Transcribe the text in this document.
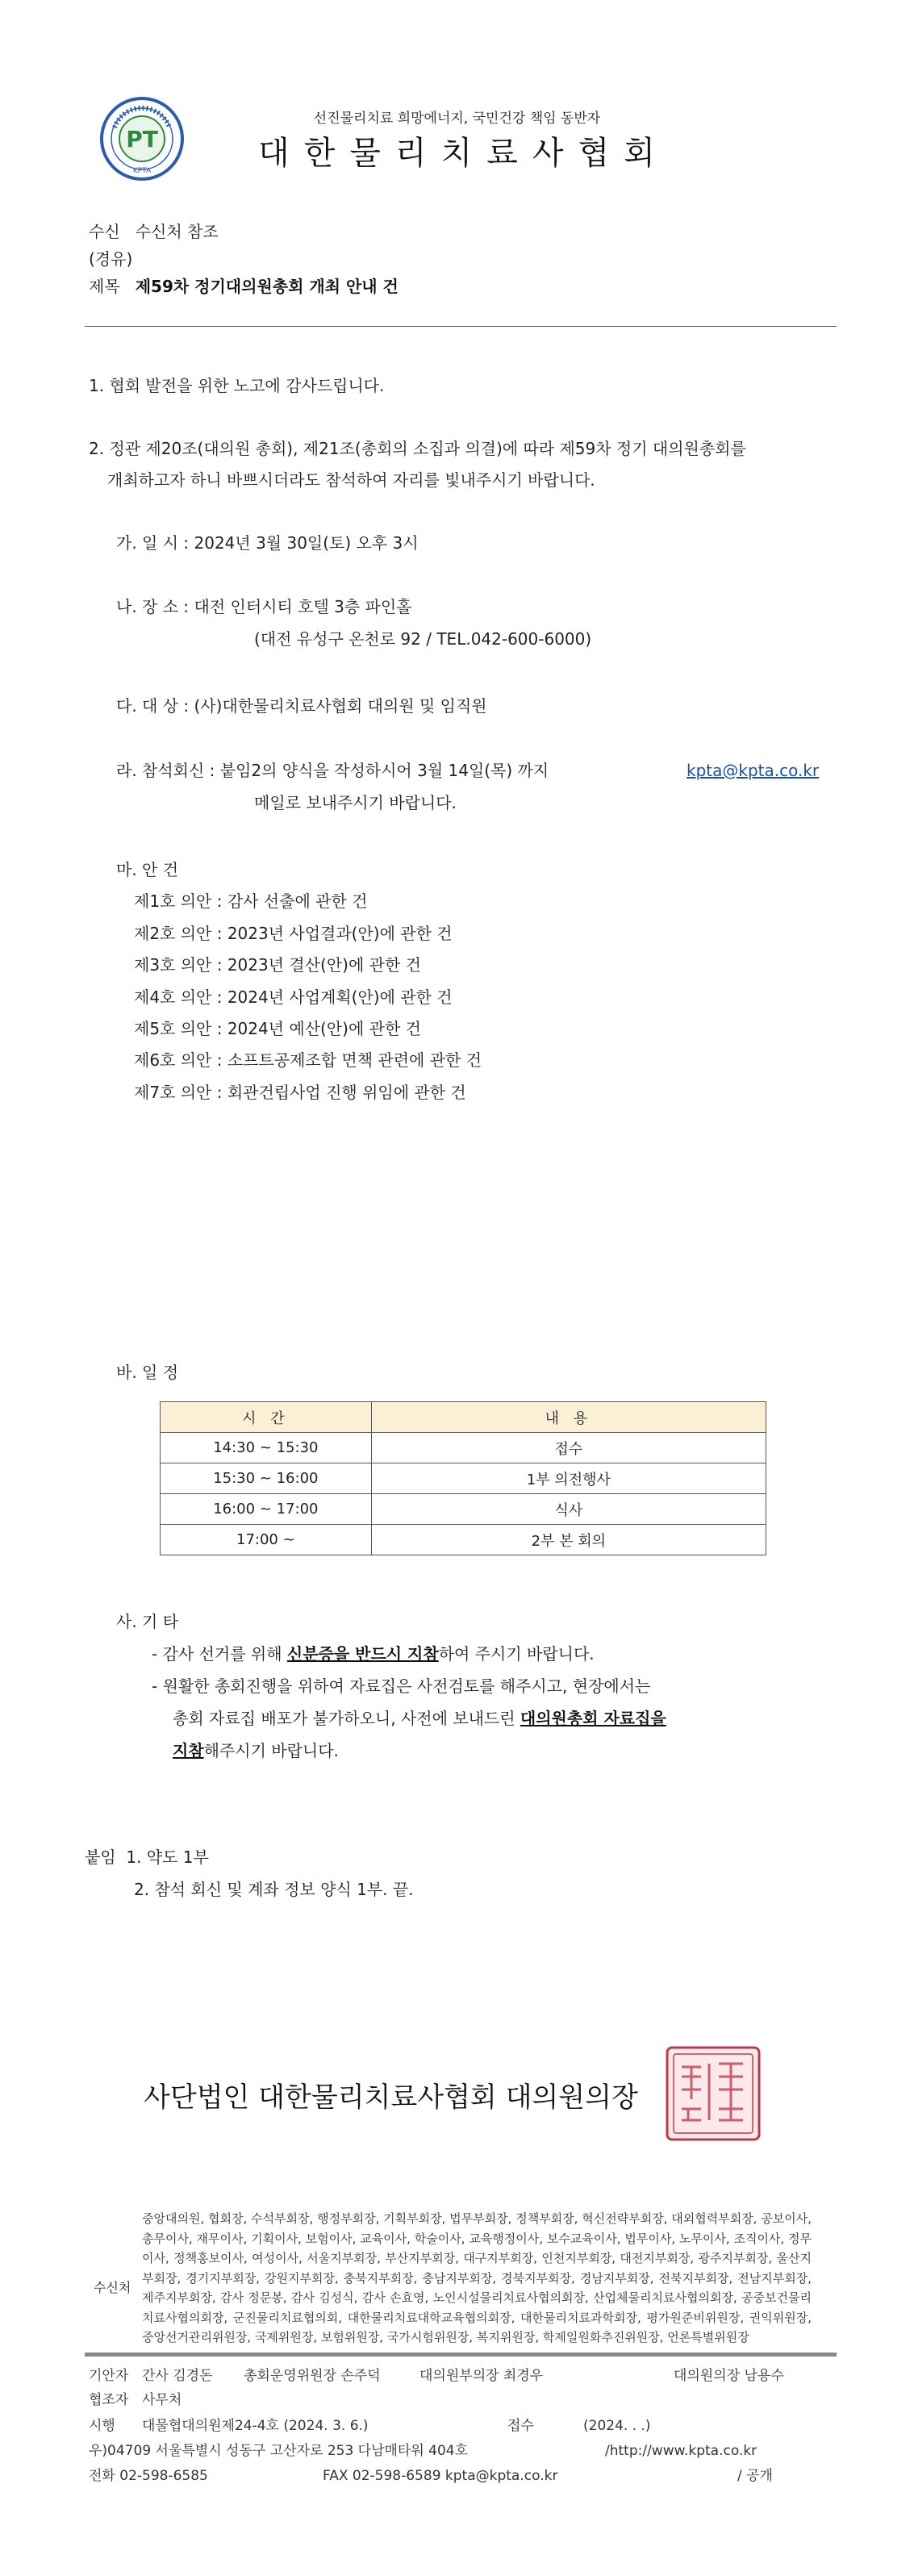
PT
KPTA
선진물리치료 희망에너지, 국민건강 책임 동반자
대한물리치료사협회
수신 수신처 참조
(경유)
제목 제59차 정기대의원총회 개최 안내 건
1. 협회 발전을 위한 노고에 감사드립니다.
2. 정관 제20조(대의원 총회), 제21조(총회의 소집과 의결)에 따라 제59차 정기 대의원총회를
개최하고자 하니 바쁘시더라도 참석하여 자리를 빛내주시기 바랍니다.
가. 일 시 : 2024년 3월 30일(토) 오후 3시
나. 장 소 : 대전 인터시티 호텔 3층 파인홀
(대전 유성구 온천로 92 / TEL.042-600-6000)
다. 대 상 : (사)대한물리치료사협회 대의원 및 임직원
라. 참석회신 : 붙임2의 양식을 작성하시어 3월 14일(목) 까지	kpta@kpta.co.kr
메일로 보내주시기 바랍니다.
마. 안 건
제1호 의안 : 감사 선출에 관한 건
제2호 의안 : 2023년 사업결과(안)에 관한 건
제3호 의안 : 2023년 결산(안)에 관한 건
제4호 의안 : 2024년 사업계획(안)에 관한 건
제5호 의안 : 2024년 예산(안)에 관한 건
제6호 의안 : 소프트공제조합 면책 관련에 관한 건
제7호 의안 : 회관건립사업 진행 위임에 관한 건
바. 일 정
시 간	내 용
14:30 ~ 15:30	접수
15:30 ~ 16:00	1부 의전행사
16:00 ~ 17:00	식사
17:00 ~	2부 본 회의
사. 기 타
- 감사 선거를 위해 신분증을 반드시 지참하여 주시기 바랍니다.
- 원활한 총회진행을 위하여 자료집은 사전검토를 해주시고, 현장에서는
총회 자료집 배포가 불가하오니, 사전에 보내드린 대의원총회 자료집을
지참해주시기 바랍니다.
붙임 1. 약도 1부
2. 참석 회신 및 계좌 정보 양식 1부. 끝.
사단법인 대한물리치료사협회 대의원의장
수신처
중앙대의원, 협회장, 수석부회장, 행정부회장, 기획부회장, 법무부회장, 정책부회장, 혁신전략부회장, 대외협력부회장, 공보이사, 총무이사, 재무이사, 기획이사, 보험이사, 교육이사, 학술이사, 교육행정이사, 보수교육이사, 법무이사, 노무이사, 조직이사, 정무이사, 정책홍보이사, 여성이사, 서울지부회장, 부산지부회장, 대구지부회장, 인천지부회장, 대전지부회장, 광주지부회장, 울산지부회장, 경기지부회장, 강원지부회장, 충북지부회장, 충남지부회장, 경북지부회장, 경남지부회장, 전북지부회장, 전남지부회장, 제주지부회장, 감사 정문봉, 감사 김성식, 감사 손효영, 노인시설물리치료사협의회장, 산업체물리치료사협의회장, 공중보건물리치료사협의회장, 군진물리치료협의회, 대한물리치료대학교육협의회장, 대한물리치료과학회장, 평가원준비위원장, 권익위원장, 중앙선거관리위원장, 국제위원장, 보험위원장, 국가시험위원장, 복지위원장, 학제일원화추진위원장, 언론특별위원장
기안자 간사 김경돈 총회운영위원장 손주덕	대의원부의장 최경우	대의원의장 남용수
협조자 사무처
시행 대물협대의원제24-4호 (2024. 3. 6.)	접수	(2024. . .)
우)04709 서울특별시 성동구 고산자로 253 다남매타워 404호	/http://www.kpta.co.kr
전화 02-598-6585	FAX 02-598-6589 kpta@kpta.co.kr	/ 공개
